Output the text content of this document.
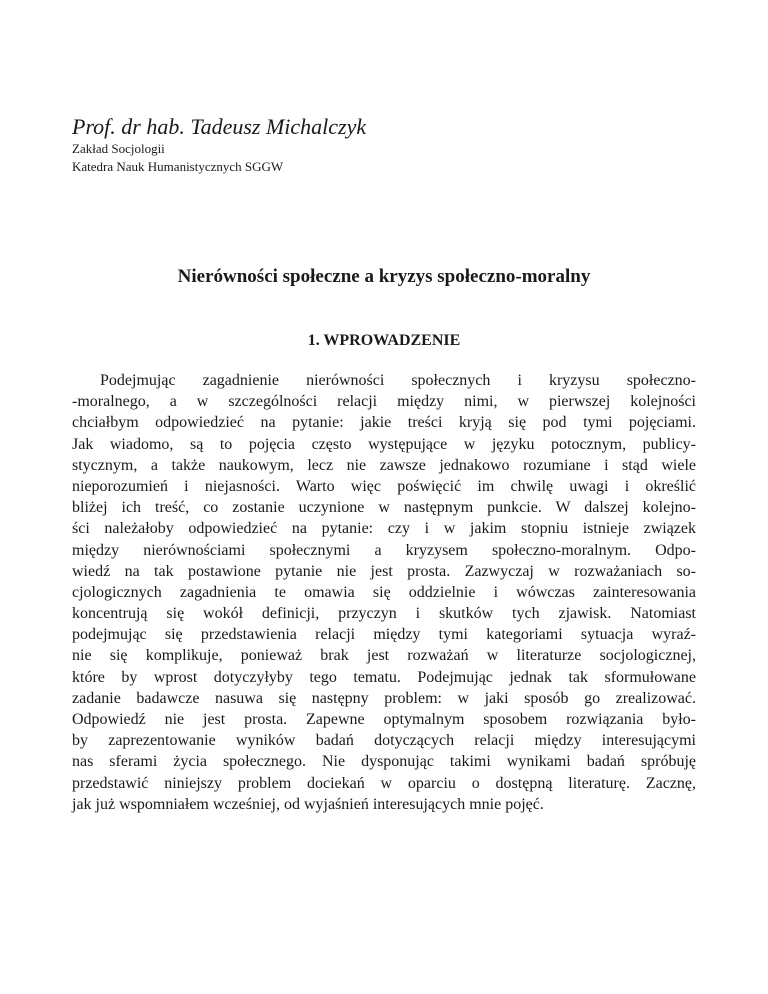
Prof. dr hab. Tadeusz Michalczyk

Zakład Socjologii

Katedra Nauk Humanistycznych SGGW

Nierówności społeczne a kryzys społeczno-moralny
1. WPROWADZENIE
Podejmując zagadnienie nierówności społecznych i kryzysu społeczno-
-moralnego, a w szczególności relacji między nimi, w pierwszej kolejności
chciałbym odpowiedzieć na pytanie: jakie treści kryją się pod tymi pojęciami.
Jak wiadomo, są to pojęcia często występujące w języku potocznym, publicy-
stycznym, a także naukowym, lecz nie zawsze jednakowo rozumiane i stąd wiele
nieporozumień i niejasności. Warto więc poświęcić im chwilę uwagi i określić
bliżej ich treść, co zostanie uczynione w następnym punkcie. W dalszej kolejno-
ści należałoby odpowiedzieć na pytanie: czy i w jakim stopniu istnieje związek
między nierównościami społecznymi a kryzysem społeczno-moralnym. Odpo-
wiedź na tak postawione pytanie nie jest prosta. Zazwyczaj w rozważaniach so-
cjologicznych zagadnienia te omawia się oddzielnie i wówczas zainteresowania
koncentrują się wokół definicji, przyczyn i skutków tych zjawisk. Natomiast
podejmując się przedstawienia relacji między tymi kategoriami sytuacja wyraź-
nie się komplikuje, ponieważ brak jest rozważań w literaturze socjologicznej,
które by wprost dotyczyłyby tego tematu. Podejmując jednak tak sformułowane
zadanie badawcze nasuwa się następny problem: w jaki sposób go zrealizować.
Odpowiedź nie jest prosta. Zapewne optymalnym sposobem rozwiązania było-
by zaprezentowanie wyników badań dotyczących relacji między interesującymi
nas sferami życia społecznego. Nie dysponując takimi wynikami badań spróbuję
przedstawić niniejszy problem dociekań w oparciu o dostępną literaturę. Zacznę,
jak już wspomniałem wcześniej, od wyjaśnień interesujących mnie pojęć.
